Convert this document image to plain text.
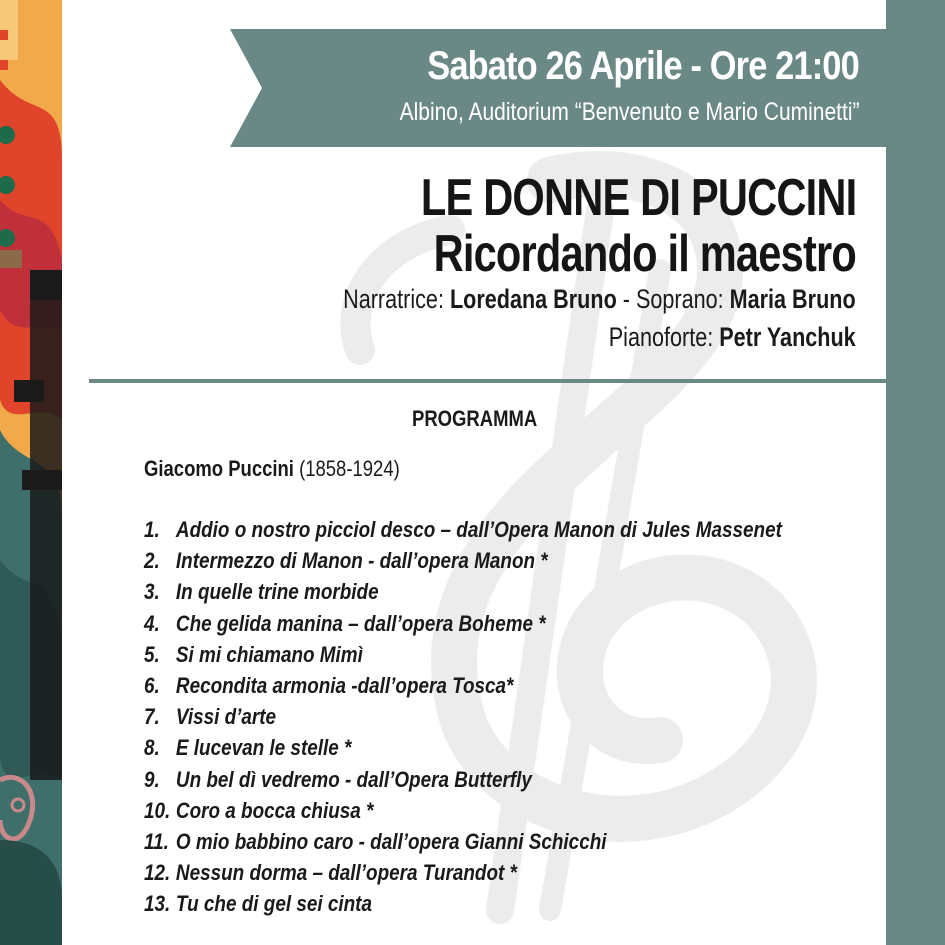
Sabato 26 Aprile - Ore 21:00
Albino, Auditorium “Benvenuto e Mario Cuminetti”
LE DONNE DI PUCCINI
Ricordando il maestro
Narratrice: Loredana Bruno - Soprano: Maria Bruno
Pianoforte: Petr Yanchuk
PROGRAMMA
Giacomo Puccini (1858-1924)
1. Addio o nostro picciol desco – dall’Opera Manon di Jules Massenet
2. Intermezzo di Manon - dall’opera Manon *
3. In quelle trine morbide
4. Che gelida manina – dall’opera Boheme *
5. Si mi chiamano Mimì
6. Recondita armonia -dall’opera Tosca*
7. Vissi d’arte
8. E lucevan le stelle *
9. Un bel dì vedremo - dall’Opera Butterfly
10. Coro a bocca chiusa *
11. O mio babbino caro - dall’opera Gianni Schicchi
12. Nessun dorma – dall’opera Turandot *
13. Tu che di gel sei cinta
